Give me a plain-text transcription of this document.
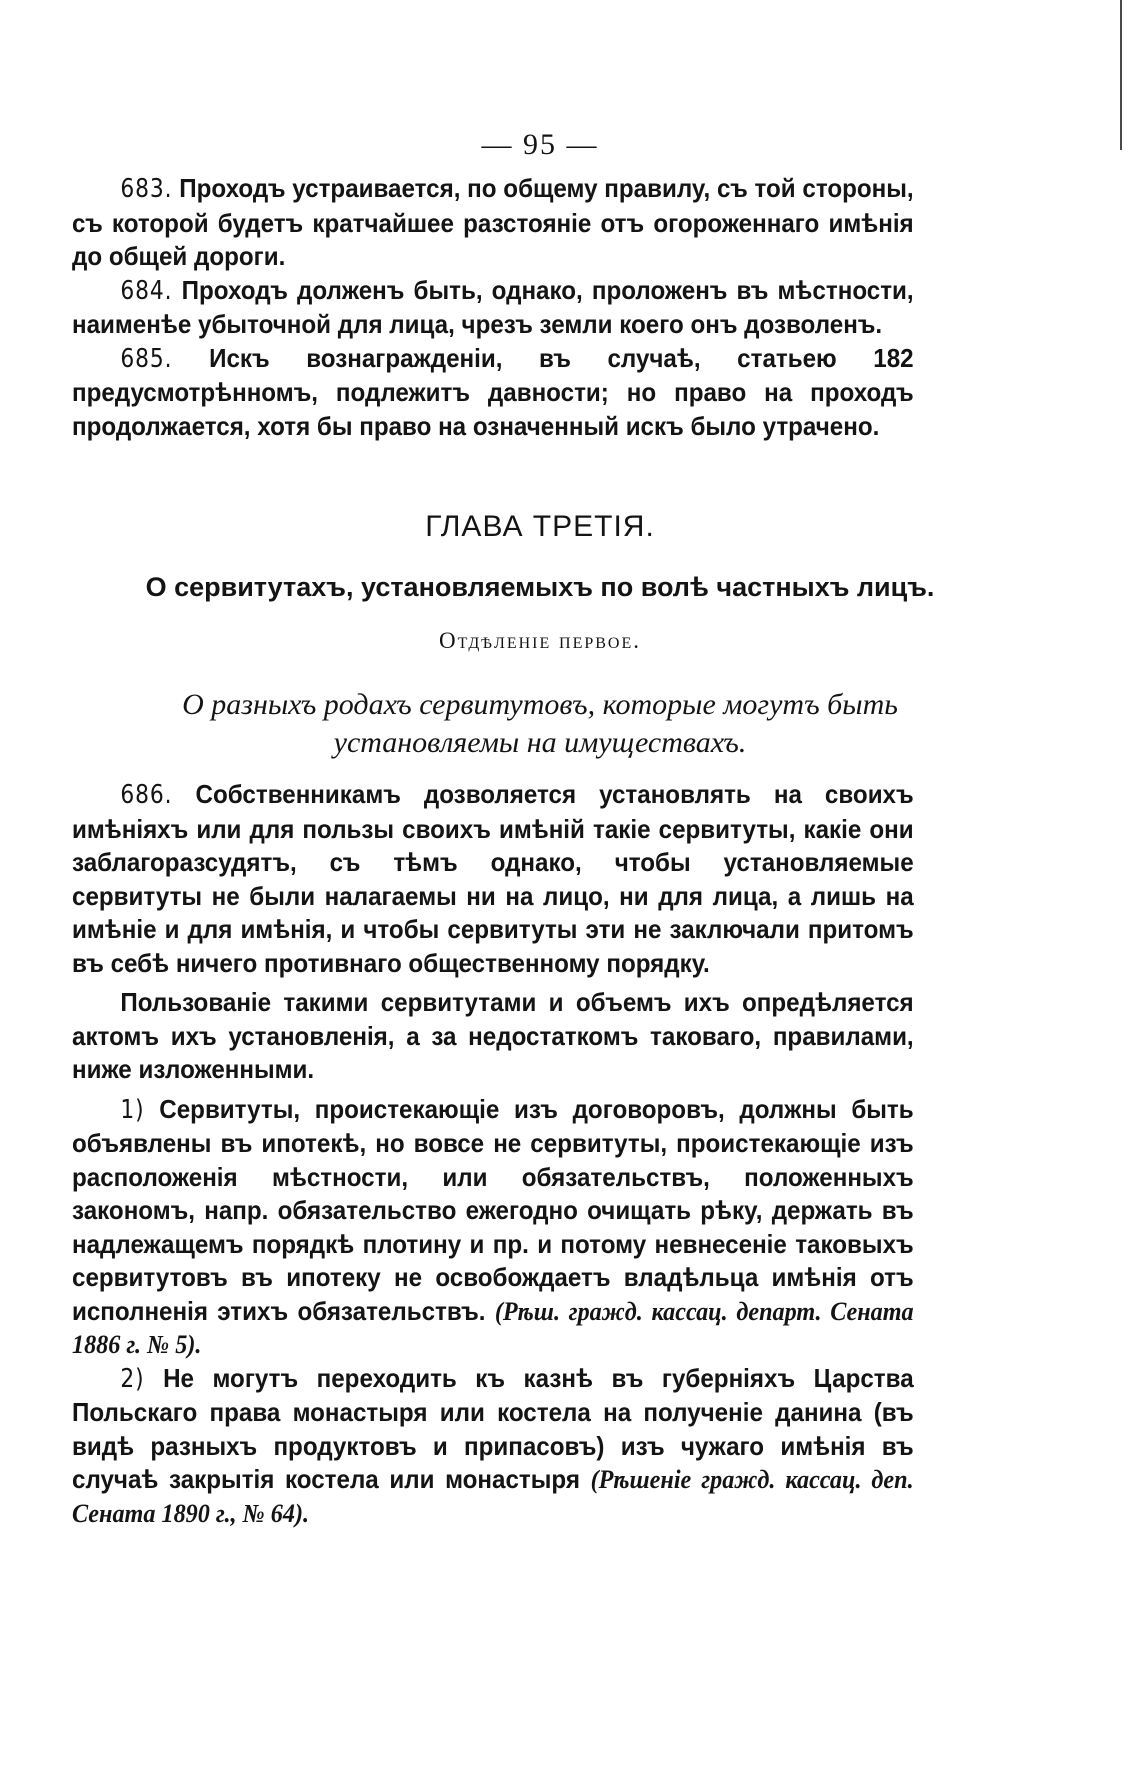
— 95 —

683. Проходъ устраивается, по общему правилу, съ той стороны, съ которой будетъ кратчайшее разстояніе отъ огороженнаго имѣнія до общей дороги.

684. Проходъ долженъ быть, однако, проложенъ въ мѣстности, наименѣе убыточной для лица, чрезъ земли коего онъ дозволенъ.

685. Искъ вознагражденіи, въ случаѣ, статьею 182 предусмотрѣнномъ, подлежитъ давности; но право на проходъ продолжается, хотя бы право на означенный искъ было утрачено.

ГЛАВА ТРЕТІЯ.
О сервитутахъ, установляемыхъ по волѣ частныхъ лицъ.
Отдѣленіе первое.
О разныхъ родахъ сервитутовъ, которые могутъ быть
установляемы на имуществахъ.

686. Собственникамъ дозволяется установлять на своихъ имѣніяхъ или для пользы своихъ имѣній такіе сервитуты, какіе они заблагоразсудятъ, съ тѣмъ однако, чтобы установляемые сервитуты не были налагаемы ни на лицо, ни для лица, а лишь на имѣніе и для имѣнія, и чтобы сервитуты эти не заключали притомъ въ себѣ ничего противнаго общественному порядку.

Пользованіе такими сервитутами и объемъ ихъ опредѣляется актомъ ихъ установленія, а за недостаткомъ таковаго, правилами, ниже изложенными.

1) Сервитуты, проистекающіе изъ договоровъ, должны быть объявлены въ ипотекѣ, но вовсе не сервитуты, проистекающіе изъ расположенія мѣстности, или обязательствъ, положенныхъ закономъ, напр. обязательство ежегодно очищать рѣку, держать въ надлежащемъ порядкѣ плотину и пр. и потому невнесеніе таковыхъ сервитутовъ въ ипотеку не освобождаетъ владѣльца имѣнія отъ исполненія этихъ обязательствъ. (Рѣш. гражд. кассац. департ. Сената 1886 г. № 5).

2) Не могутъ переходить къ казнѣ въ губерніяхъ Царства Польскаго права монастыря или костела на полученіе данина (въ видѣ разныхъ продуктовъ и припасовъ) изъ чужаго имѣнія въ случаѣ закрытія костела или монастыря (Рѣшеніе гражд. кассац. деп. Сената 1890 г., № 64).
